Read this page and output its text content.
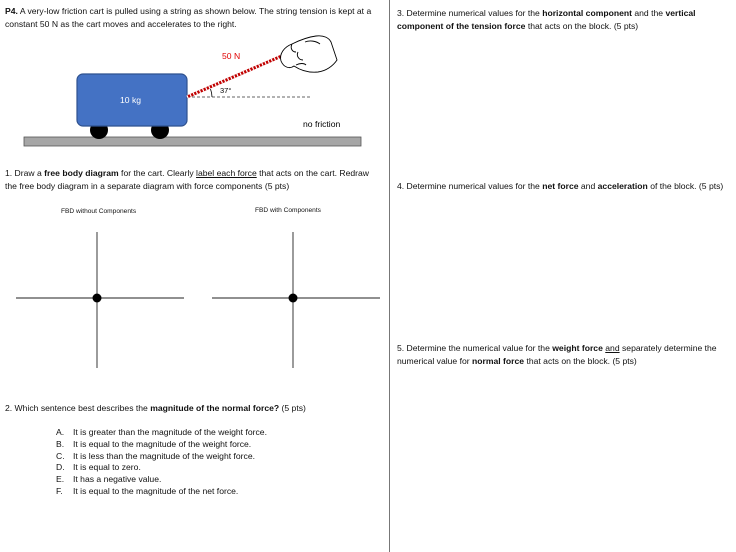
P4. A very-low friction cart is pulled using a string as shown below. The string tension is kept at a constant 50 N as the cart moves and accelerates to the right.
10 kg
50 N
37°
no friction
1. Draw a free body diagram for the cart. Clearly label each force that acts on the cart. Redraw the free body diagram in a separate diagram with force components (5 pts)
FBD without Components	FBD with Components
2. Which sentence best describes the magnitude of the normal force? (5 pts)
A.	It is greater than the magnitude of the weight force.
B.	It is equal to the magnitude of the weight force.
C. It is less than the magnitude of the weight force.
D. It is equal to zero.
E.	It has a negative value.
F.	It is equal to the magnitude of the net force.
3. Determine numerical values for the horizontal component and the vertical component of the tension force that acts on the block. (5 pts)
4. Determine numerical values for the net force and acceleration of the block. (5 pts)
5. Determine the numerical value for the weight force and separately determine the numerical value for normal force that acts on the block. (5 pts)
